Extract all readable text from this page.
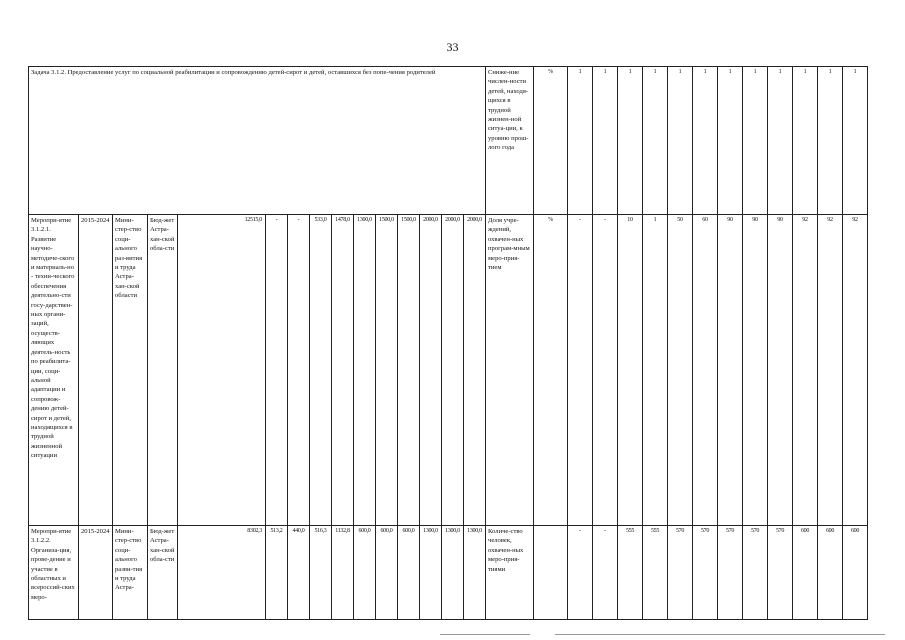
33
Задача 3.1.2. Предоставление услуг по социальной реабилитации и сопровождению детей-сирот и детей, оставшихся без попе-чения родителей															Сниже-ние числен-ности детей, находя-щихся в трудной жизнен-ной ситуа-ции, к уровню прош-лого года	%	1	1	1	1	1	1	1	1	1	1	1	1
Меропри-ятие 3.1.2.1. Развитие научно-методиче-ского и материаль-но - техни-ческого обеспечения деятельно-сти госу-дарствен-ных органи-заций, осуществ-ляющих деятель-ность по реабилита-ции, соци-альной адаптации и сопровож-дению детей-сирот и детей, находящихся в трудной жизненной ситуации	2015-2024	Мини-стер-ство соци-ального раз-вития и труда Астра-хан-ской области	Бюд-жет Астра-хан-ской обла-сти	12515,0	-	-	533,0	1478,0	1300,0	1500,0	1500,0	2000,0	2000,0	2000,0	Доля учре-ждений, охвачен-ных програм-мным меро-прия-тием	%	-	-	10	1	50	60	90	90	90	92	92	92
Меропри-ятие 3.1.2.2. Организа-ция, прове-дение и участие в областных и всероссий-ских меро-	2015-2024	Мини-стер-ство соци-ального разви-тия и труда Астра-	Бюд-жет Астра-хан-ской обла-сти	8302,3	513,2	440,0	516,3	1132,8	600,0	600,0	600,0	1300,0	1300,0	1300,0	Количе-ство человек, охвачен-ных меро-прия-тиями		-	-	555	555	570	570	570	570	570	600	600	600
